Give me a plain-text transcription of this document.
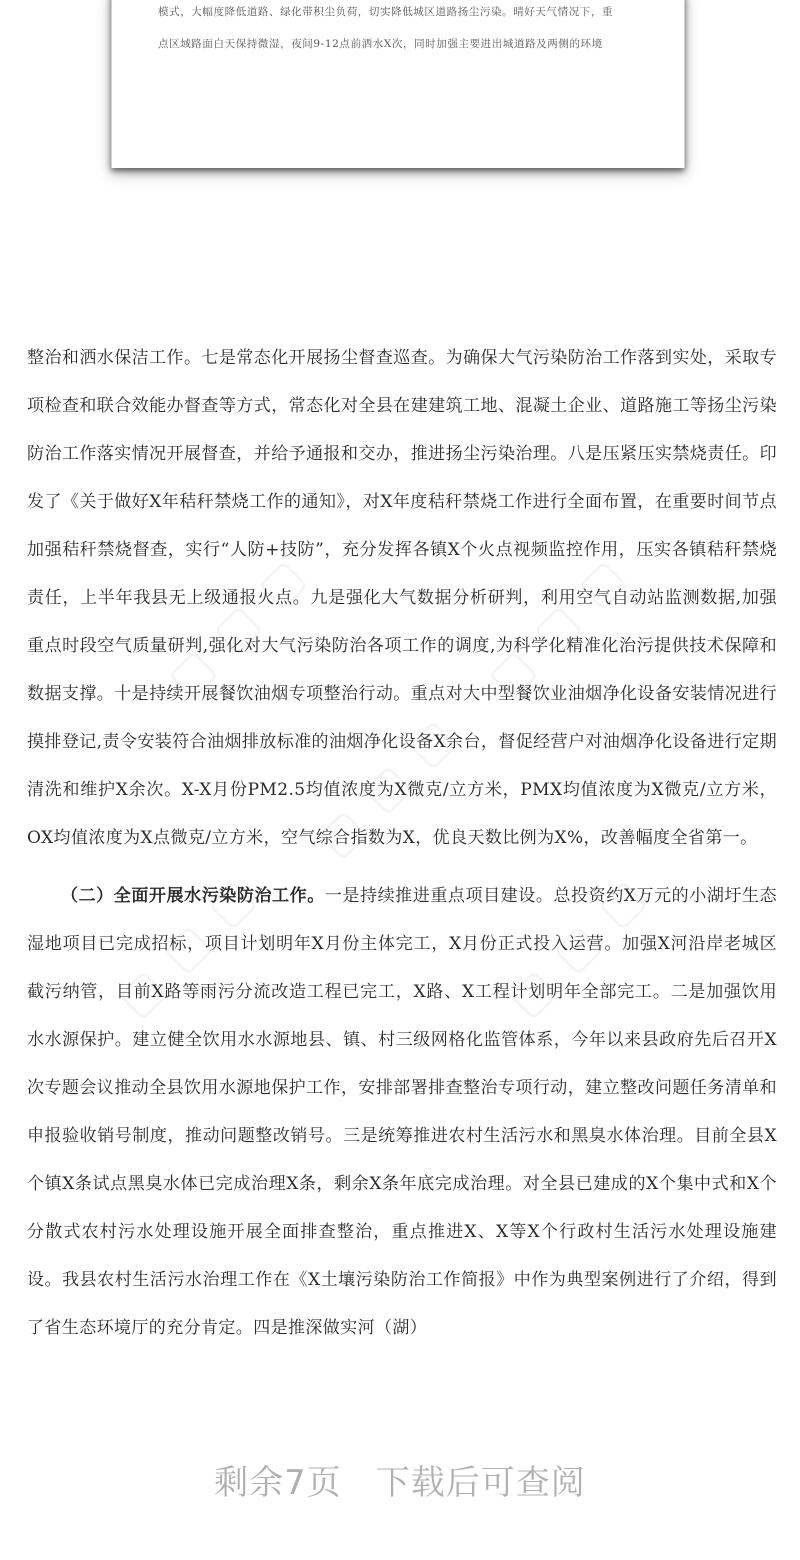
模式，大幅度降低道路、绿化带积尘负荷，切实降低城区道路扬尘污染。晴好天气情况下，重
点区域路面白天保持微湿，夜间9-12点前洒水X次，同时加强主要进出城道路及两侧的环境

整治和洒水保洁工作。七是常态化开展扬尘督查巡查。为确保大气污染防治工作落到实处，采取专项检查和联合效能办督查等方式，常态化对全县在建建筑工地、混凝土企业、道路施工等扬尘污染防治工作落实情况开展督查，并给予通报和交办，推进扬尘污染治理。八是压紧压实禁烧责任。印发了《关于做好X年秸秆禁烧工作的通知》，对X年度秸秆禁烧工作进行全面布置，在重要时间节点加强秸秆禁烧督查，实行“人防+技防”，充分发挥各镇X个火点视频监控作用，压实各镇秸秆禁烧责任，上半年我县无上级通报火点。九是强化大气数据分析研判，利用空气自动站监测数据,加强重点时段空气质量研判,强化对大气污染防治各项工作的调度,为科学化精准化治污提供技术保障和数据支撑。十是持续开展餐饮油烟专项整治行动。重点对大中型餐饮业油烟净化设备安装情况进行摸排登记,责令安装符合油烟排放标准的油烟净化设备X余台，督促经营户对油烟净化设备进行定期清洗和维护X余次。X-X月份PM2.5均值浓度为X微克/立方米，PMX均值浓度为X微克/立方米，OX均值浓度为X点微克/立方米，空气综合指数为X，优良天数比例为X%，改善幅度全省第一。

（二）全面开展水污染防治工作。一是持续推进重点项目建设。总投资约X万元的小湖圩生态湿地项目已完成招标，项目计划明年X月份主体完工，X月份正式投入运营。加强X河沿岸老城区截污纳管，目前X路等雨污分流改造工程已完工，X路、X工程计划明年全部完工。二是加强饮用水水源保护。建立健全饮用水水源地县、镇、村三级网格化监管体系，今年以来县政府先后召开X次专题会议推动全县饮用水源地保护工作，安排部署排查整治专项行动，建立整改问题任务清单和申报验收销号制度，推动问题整改销号。三是统筹推进农村生活污水和黑臭水体治理。目前全县X个镇X条试点黑臭水体已完成治理X条，剩余X条年底完成治理。对全县已建成的X个集中式和X个分散式农村污水处理设施开展全面排查整治，重点推进X、X等X个行政村生活污水处理设施建设。我县农村生活污水治理工作在《X土壤污染防治工作简报》中作为典型案例进行了介绍，得到了省生态环境厅的充分肯定。四是推深做实河（湖）

剩余7页 下载后可查阅
